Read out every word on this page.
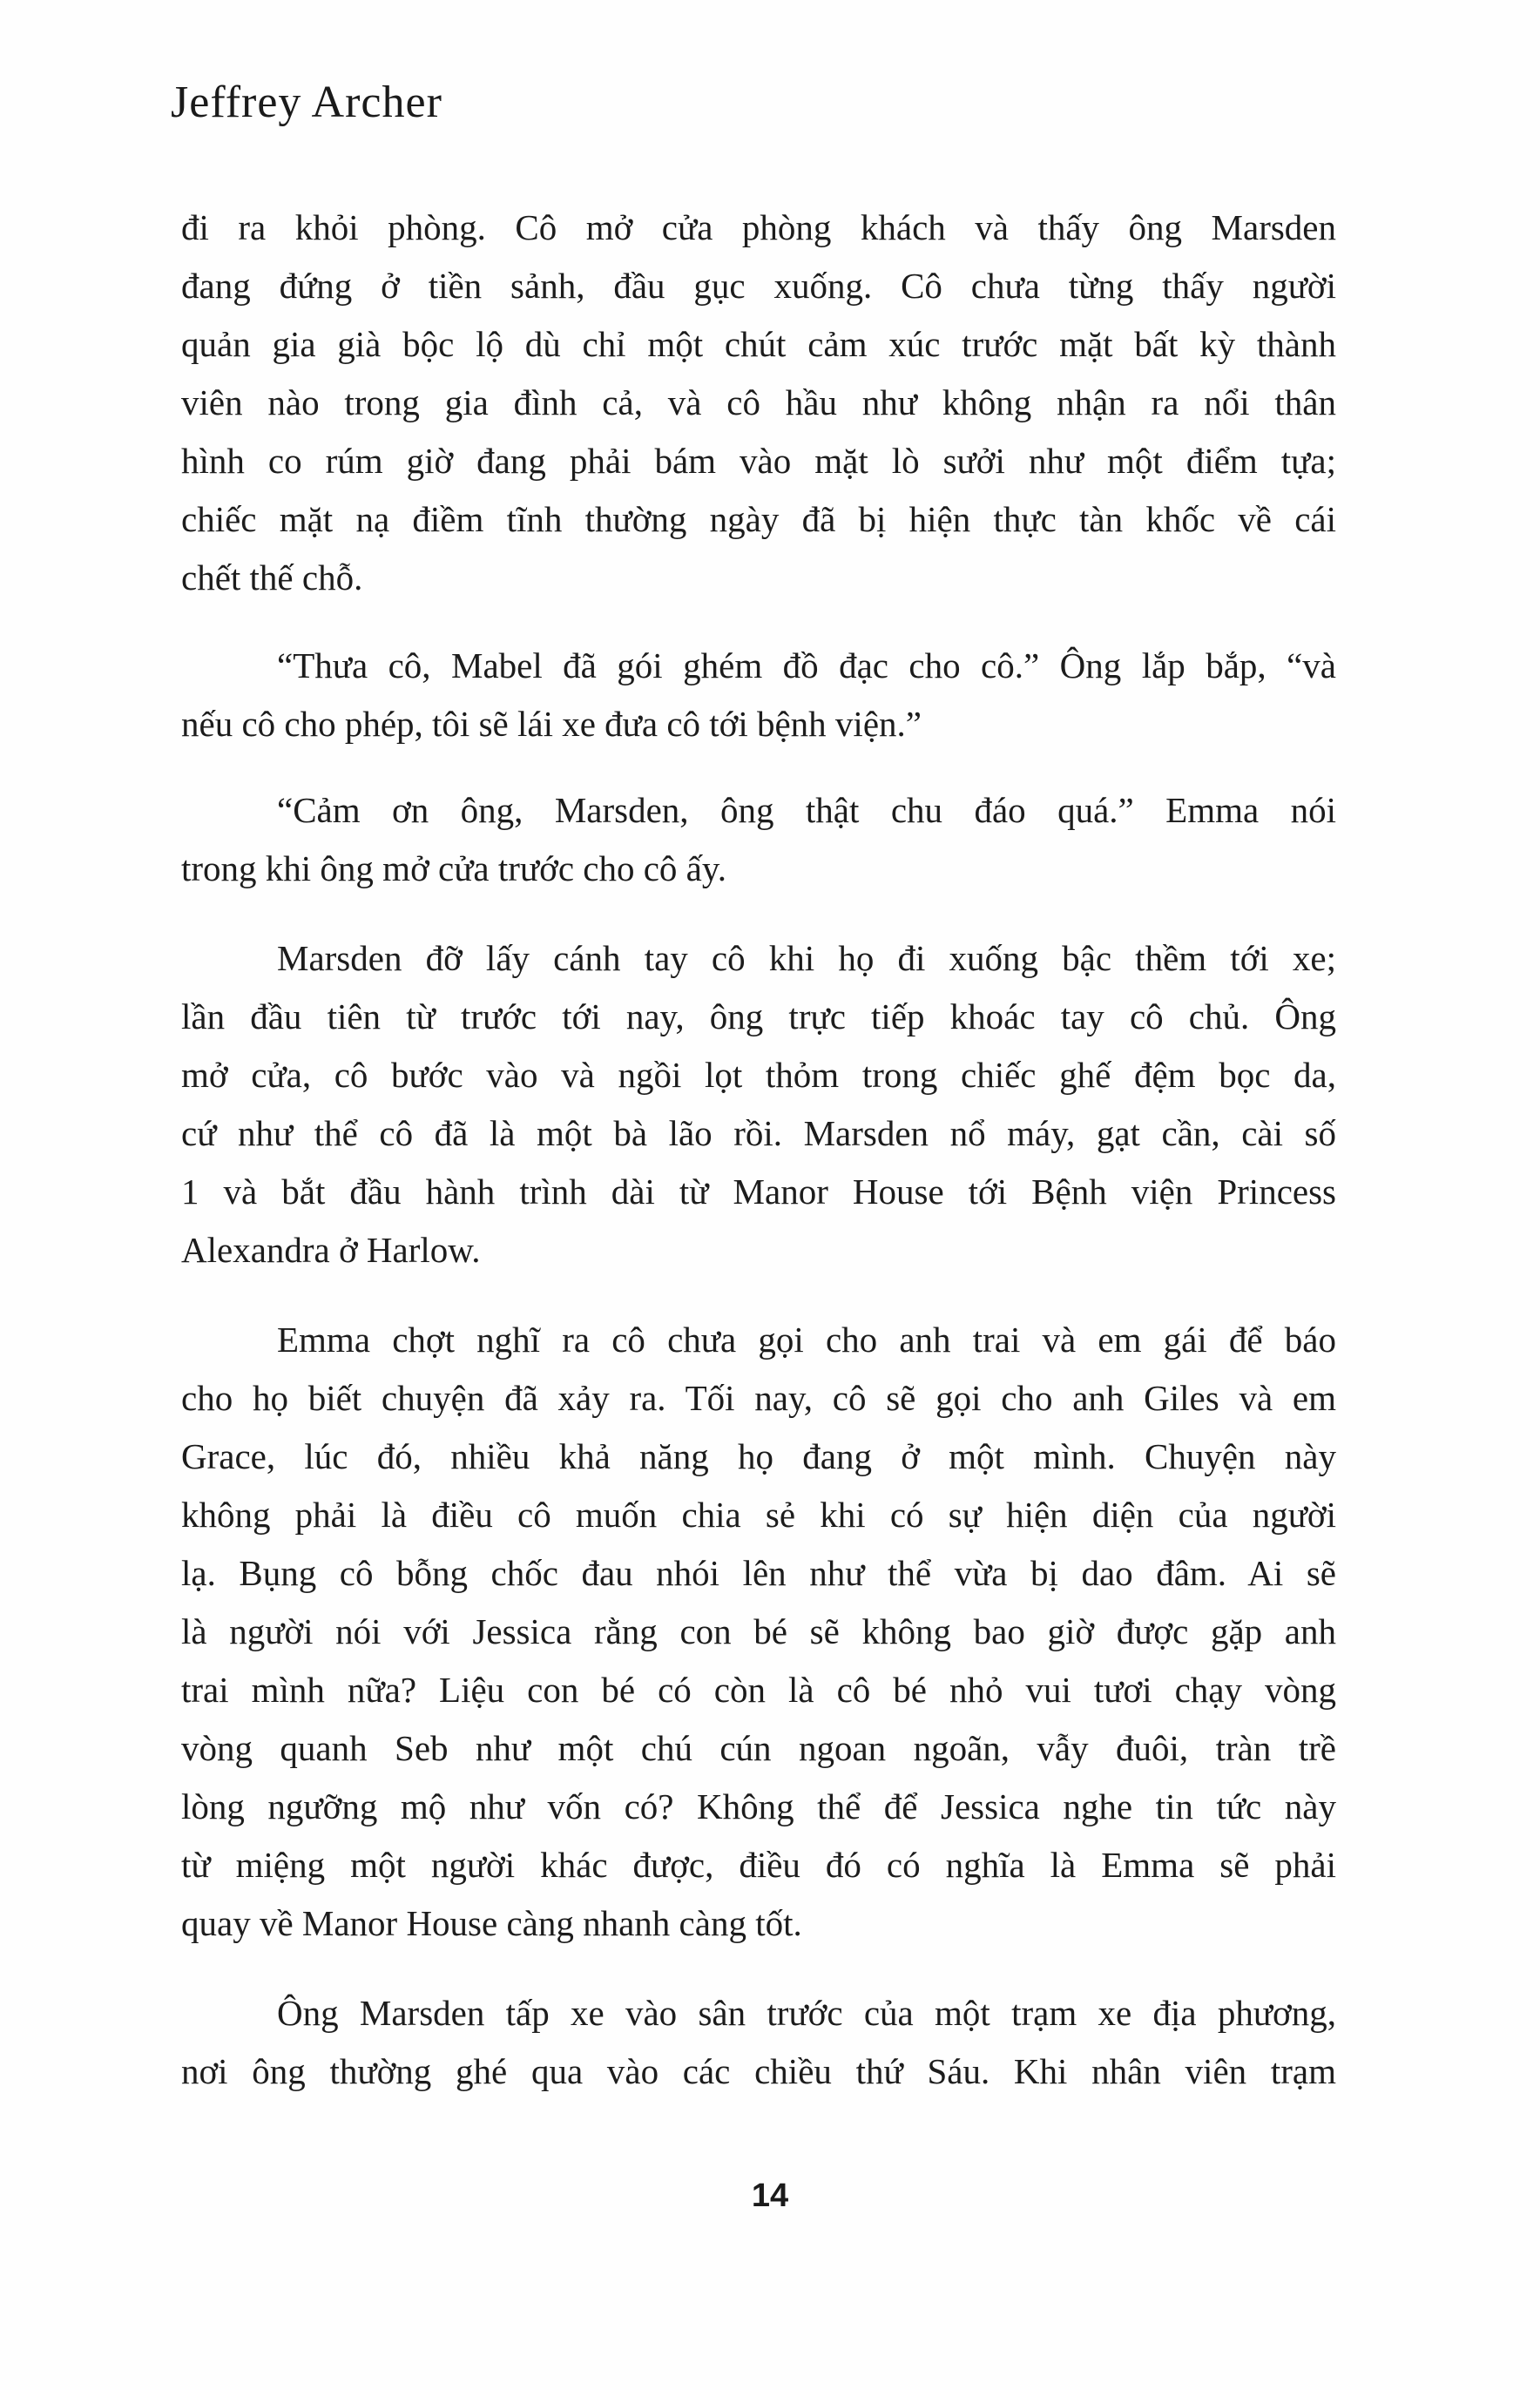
Jeffrey Archer
đi ra khỏi phòng. Cô mở cửa phòng khách và thấy ông Marsden
đang đứng ở tiền sảnh, đầu gục xuống. Cô chưa từng thấy người
quản gia già bộc lộ dù chỉ một chút cảm xúc trước mặt bất kỳ thành
viên nào trong gia đình cả, và cô hầu như không nhận ra nổi thân
hình co rúm giờ đang phải bám vào mặt lò sưởi như một điểm tựa;
chiếc mặt nạ điềm tĩnh thường ngày đã bị hiện thực tàn khốc về cái
chết thế chỗ.
“Thưa cô, Mabel đã gói ghém đồ đạc cho cô.” Ông lắp bắp, “và
nếu cô cho phép, tôi sẽ lái xe đưa cô tới bệnh viện.”
“Cảm ơn ông, Marsden, ông thật chu đáo quá.” Emma nói
trong khi ông mở cửa trước cho cô ấy.
Marsden đỡ lấy cánh tay cô khi họ đi xuống bậc thềm tới xe;
lần đầu tiên từ trước tới nay, ông trực tiếp khoác tay cô chủ. Ông
mở cửa, cô bước vào và ngồi lọt thỏm trong chiếc ghế đệm bọc da,
cứ như thể cô đã là một bà lão rồi. Marsden nổ máy, gạt cần, cài số
1 và bắt đầu hành trình dài từ Manor House tới Bệnh viện Princess
Alexandra ở Harlow.
Emma chợt nghĩ ra cô chưa gọi cho anh trai và em gái để báo
cho họ biết chuyện đã xảy ra. Tối nay, cô sẽ gọi cho anh Giles và em
Grace, lúc đó, nhiều khả năng họ đang ở một mình. Chuyện này
không phải là điều cô muốn chia sẻ khi có sự hiện diện của người
lạ. Bụng cô bỗng chốc đau nhói lên như thể vừa bị dao đâm. Ai sẽ
là người nói với Jessica rằng con bé sẽ không bao giờ được gặp anh
trai mình nữa? Liệu con bé có còn là cô bé nhỏ vui tươi chạy vòng
vòng quanh Seb như một chú cún ngoan ngoãn, vẫy đuôi, tràn trề
lòng ngưỡng mộ như vốn có? Không thể để Jessica nghe tin tức này
từ miệng một người khác được, điều đó có nghĩa là Emma sẽ phải
quay về Manor House càng nhanh càng tốt.
Ông Marsden tấp xe vào sân trước của một trạm xe địa phương,
nơi ông thường ghé qua vào các chiều thứ Sáu. Khi nhân viên trạm
14
